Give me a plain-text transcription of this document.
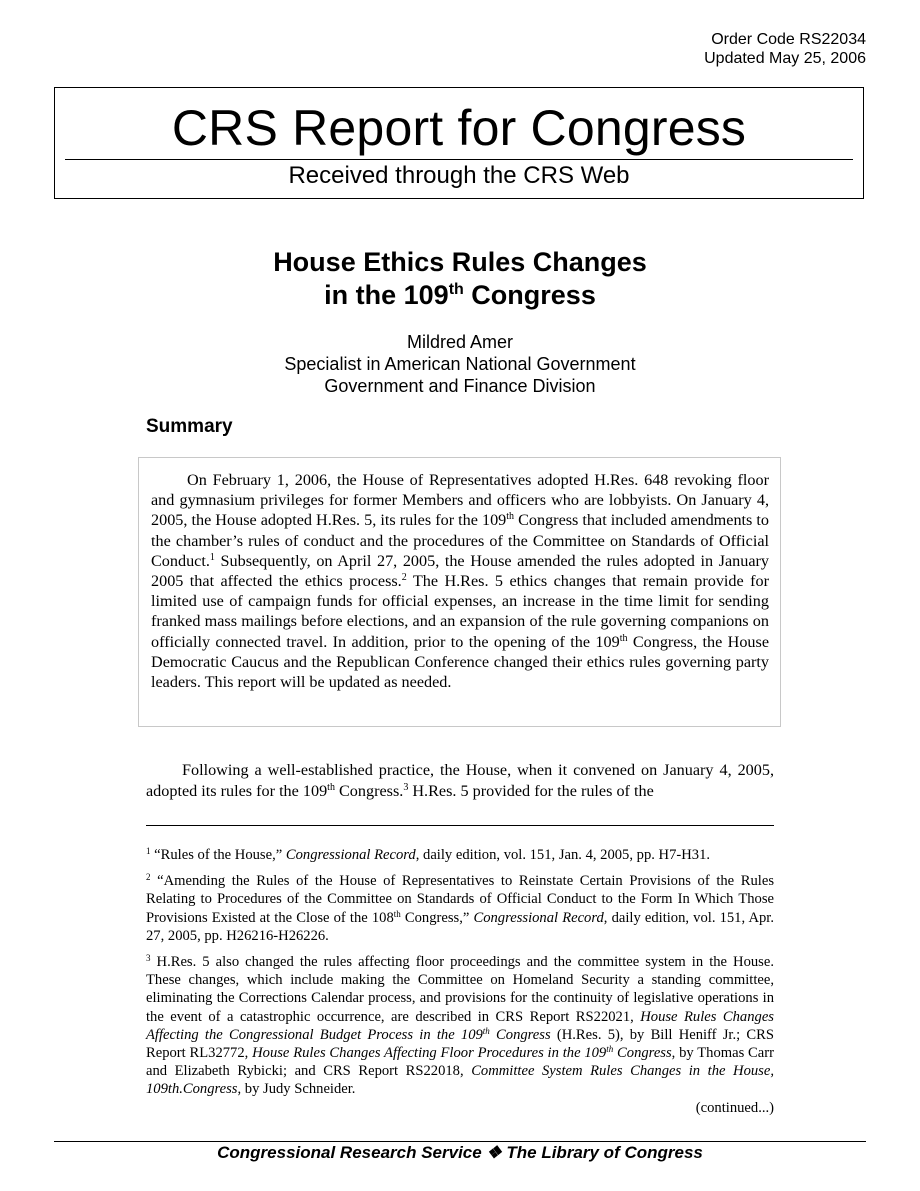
Order Code RS22034
Updated May 25, 2006
CRS Report for Congress
Received through the CRS Web
House Ethics Rules Changes
in the 109th Congress
Mildred Amer
Specialist in American National Government
Government and Finance Division
Summary

On February 1, 2006, the House of Representatives adopted H.Res. 648 revoking floor and gymnasium privileges for former Members and officers who are lobbyists. On January 4, 2005, the House adopted H.Res. 5, its rules for the 109th Congress that included amendments to the chamber’s rules of conduct and the procedures of the Committee on Standards of Official Conduct.$^1$ Subsequently, on April 27, 2005, the House amended the rules adopted in January 2005 that affected the ethics process.$^2$ The H.Res. 5 ethics changes that remain provide for limited use of campaign funds for official expenses, an increase in the time limit for sending franked mass mailings before elections, and an expansion of the rule governing companions on officially connected travel. In addition, prior to the opening of the 109th Congress, the House Democratic Caucus and the Republican Conference changed their ethics rules governing party leaders. This report will be updated as needed.

Following a well-established practice, the House, when it convened on January 4, 2005, adopted its rules for the 109th Congress.$^3$ H.Res. 5 provided for the rules of the

$^1$ “Rules of the House,” Congressional Record, daily edition, vol. 151, Jan. 4, 2005, pp. H7-H31.

$^2$ “Amending the Rules of the House of Representatives to Reinstate Certain Provisions of the Rules Relating to Procedures of the Committee on Standards of Official Conduct to the Form In Which Those Provisions Existed at the Close of the 108th Congress,” Congressional Record, daily edition, vol. 151, Apr. 27, 2005, pp. H26216-H26226.

$^3$ H.Res. 5 also changed the rules affecting floor proceedings and the committee system in the House. These changes, which include making the Committee on Homeland Security a standing committee, eliminating the Corrections Calendar process, and provisions for the continuity of legislative operations in the event of a catastrophic occurrence, are described in CRS Report RS22021, House Rules Changes Affecting the Congressional Budget Process in the 109th Congress (H.Res. 5), by Bill Heniff Jr.; CRS Report RL32772, House Rules Changes Affecting Floor Procedures in the 109th Congress, by Thomas Carr and Elizabeth Rybicki; and CRS Report RS22018, Committee System Rules Changes in the House, 109th.Congress, by Judy Schneider.

(continued...)

Congressional Research Service ❖ The Library of Congress
